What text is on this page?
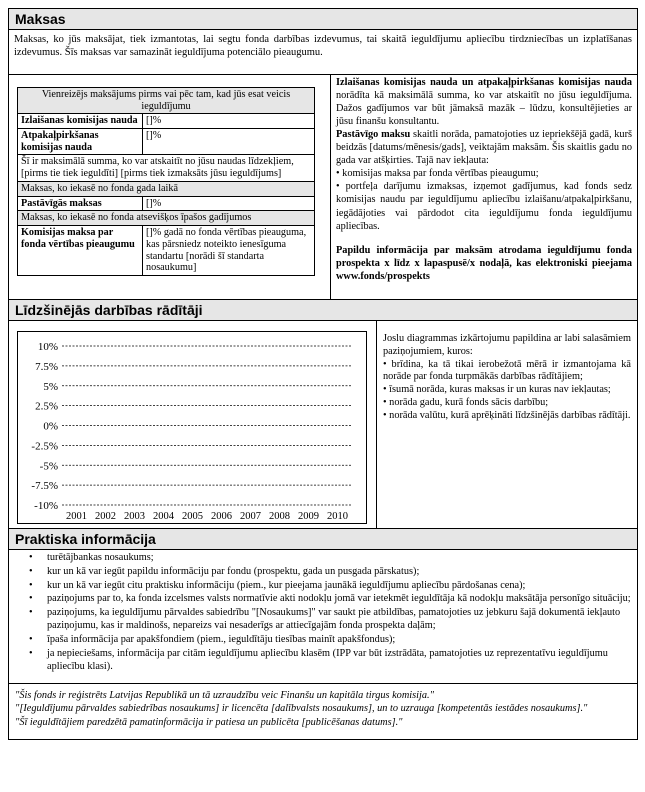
Maksas
Maksas, ko jūs maksājat, tiek izmantotas, lai segtu fonda darbības izdevumus, tai skaitā ieguldījumu apliecību tirdzniecības un izplatīšanas izdevumus. Šīs maksas var samazināt ieguldījuma potenciālo pieaugumu.
Vienreizējs maksājums pirms vai pēc tam, kad jūs esat veicis ieguldījumu	
Izlaišanas komisijas nauda	[]%
Atpakaļpirkšanas komisijas nauda	[]%
Šī ir maksimālā summa, ko var atskaitīt no jūsu naudas līdzekļiem, [pirms tie tiek ieguldīti] [pirms tiek izmaksāts jūsu ieguldījums]	
Maksas, ko iekasē no fonda gada laikā	
Pastāvīgās maksas	[]%
Maksas, ko iekasē no fonda atsevišķos īpašos gadījumos	
Komisijas maksa par fonda vērtības pieaugumu	[]% gadā no fonda vērtības pieauguma, kas pārsniedz noteikto ienesīguma standartu [norādi šī standarta nosaukumu]

Izlaišanas komisijas nauda un atpakaļpirkšanas komisijas nauda norādīta kā maksimālā summa, ko var atskaitīt no jūsu ieguldījuma. Dažos gadījumos var būt jāmaksā mazāk – lūdzu, konsultējieties ar jūsu finanšu konsultantu.

Pastāvīgo maksu skaitli norāda, pamatojoties uz iepriekšējā gadā, kurš beidzās [datums/mēnesis/gads], veiktajām maksām. Šis skaitlis gadu no gada var atšķirties. Tajā nav iekļauta:

• komisijas maksa par fonda vērtības pieaugumu;

• portfeļa darījumu izmaksas, izņemot gadījumus, kad fonds sedz komisijas naudu par ieguldījumu apliecību izlaišanu/atpakaļpirkšanu, iegādājoties vai pārdodot cita ieguldījumu fonda ieguldījumu apliecības.

Papildu informācija par maksām atrodama ieguldījumu fonda prospekta x līdz x lapaspusē/x nodaļā, kas elektroniski pieejama www.fonds/prospekts

Līdzšinējās darbības rādītāji
10%
7.5%
5%
2.5%
0%
-2.5%
-5%
-7.5%
-10%
2001 2002 2003 2004 2005 2006 2007 2008 2009 2010

Joslu diagrammas izkārtojumu papildina ar labi salasāmiem paziņojumiem, kuros:

• brīdina, ka tā tikai ierobežotā mērā ir izmantojama kā norāde par fonda turpmākās darbības rādītājiem;

• īsumā norāda, kuras maksas ir un kuras nav iekļautas;

• norāda gadu, kurā fonds sācis darbību;

• norāda valūtu, kurā aprēķināti līdzšinējās darbības rādītāji.

Praktiska informācija
• turētājbankas nosaukums;
• kur un kā var iegūt papildu informāciju par fondu (prospektu, gada un pusgada pārskatus);
• kur un kā var iegūt citu praktisku informāciju (piem., kur pieejama jaunākā ieguldījumu apliecību pārdošanas cena);
• paziņojums par to, ka fonda izcelsmes valsts normatīvie akti nodokļu jomā var ietekmēt ieguldītāja kā nodokļu maksātāja personīgo situāciju;
• paziņojums, ka ieguldījumu pārvaldes sabiedrību "[Nosaukums]" var saukt pie atbildības, pamatojoties uz jebkuru šajā dokumentā iekļauto paziņojumu, kas ir maldinošs, nepareizs vai nesaderīgs ar attiecīgajām fonda prospekta daļām;
• īpaša informācija par apakšfondiem (piem., ieguldītāju tiesības mainīt apakšfondus);
• ja nepieciešams, informācija par citām ieguldījumu apliecību klasēm (IPP var būt izstrādāta, pamatojoties uz reprezentatīvu ieguldījumu apliecību klasi).

"Šis fonds ir reģistrēts Latvijas Republikā un tā uzraudzību veic Finanšu un kapitāla tirgus komisija."

"[Ieguldījumu pārvaldes sabiedrības nosaukums] ir licencēta [dalībvalsts nosaukums], un to uzrauga [kompetentās iestādes nosaukums]."

"Šī ieguldītājiem paredzētā pamatinformācija ir patiesa un publicēta [publicēšanas datums]."
